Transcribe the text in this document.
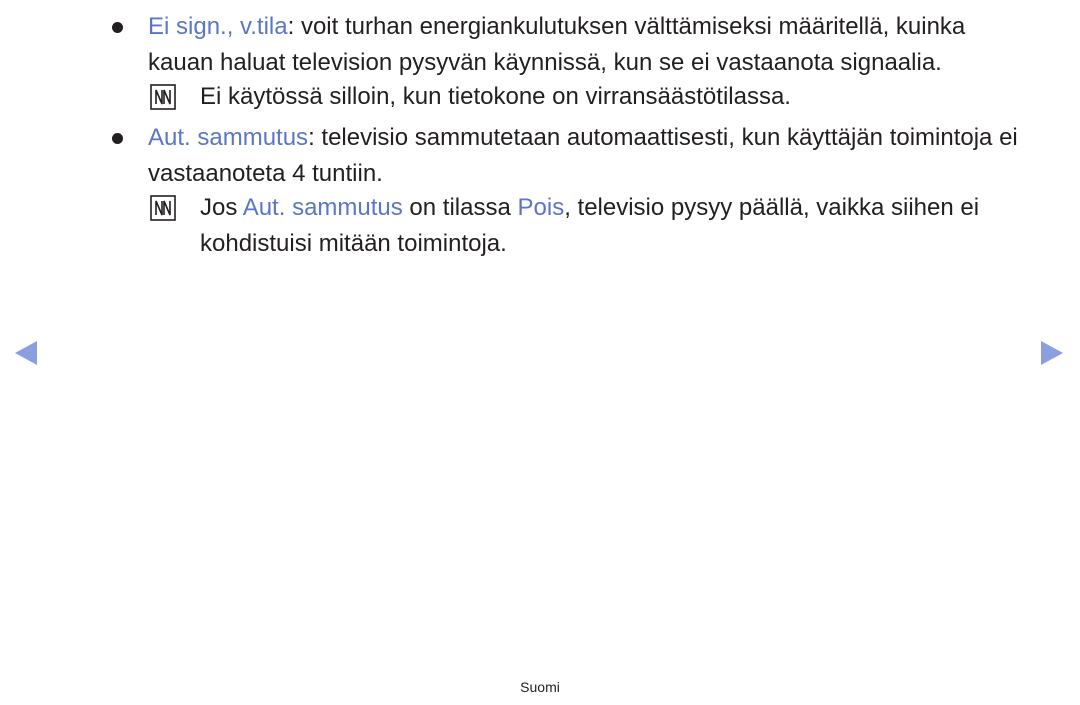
Ei sign., v.tila: voit turhan energiankulutuksen välttämiseksi määritellä, kuinka kauan haluat television pysyvän käynnissä, kun se ei vastaanota signaalia.
Ei käytössä silloin, kun tietokone on virransäästötilassa.
Aut. sammutus: televisio sammutetaan automaattisesti, kun käyttäjän toimintoja ei vastaanoteta 4 tuntiin.
Jos Aut. sammutus on tilassa Pois, televisio pysyy päällä, vaikka siihen ei kohdistuisi mitään toimintoja.
Suomi
